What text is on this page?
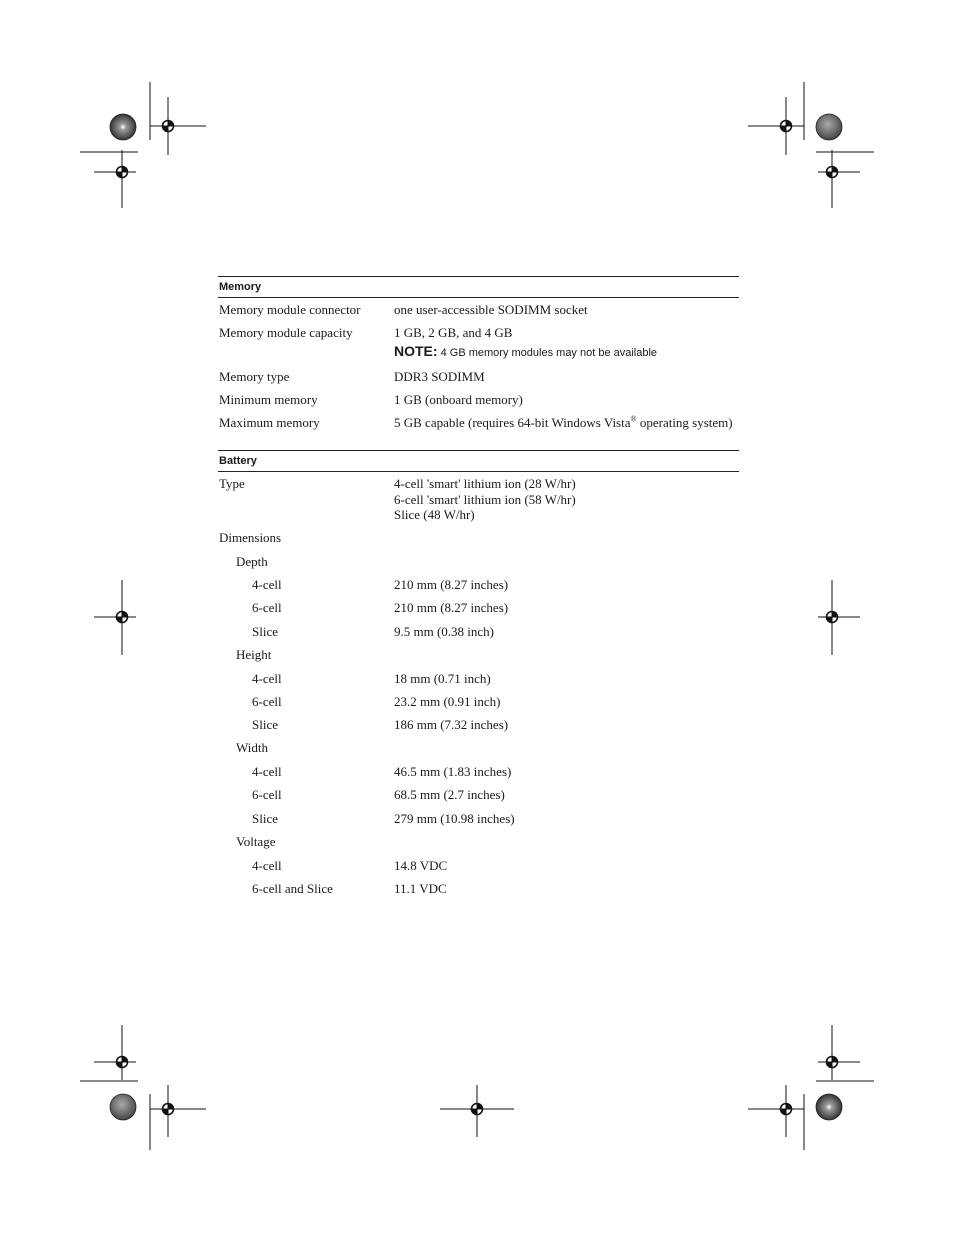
Memory
Memory module connector	one user-accessible SODIMM socket
Memory module capacity	1 GB, 2 GB, and 4 GB
NOTE: 4 GB memory modules may not be available
Memory type	DDR3 SODIMM
Minimum memory	1 GB (onboard memory)
Maximum memory	5 GB capable (requires 64-bit Windows Vista® operating system)
Battery
Type	4-cell 'smart' lithium ion (28 W/hr)
6-cell 'smart' lithium ion (58 W/hr)
Slice (48 W/hr)
Dimensions
Depth
4-cell	210 mm (8.27 inches)
6-cell	210 mm (8.27 inches)
Slice	9.5 mm (0.38 inch)
Height
4-cell	18 mm (0.71 inch)
6-cell	23.2 mm (0.91 inch)
Slice	186 mm (7.32 inches)
Width
4-cell	46.5 mm (1.83 inches)
6-cell	68.5 mm (2.7 inches)
Slice	279 mm (10.98 inches)
Voltage
4-cell	14.8 VDC
6-cell and Slice	11.1 VDC
